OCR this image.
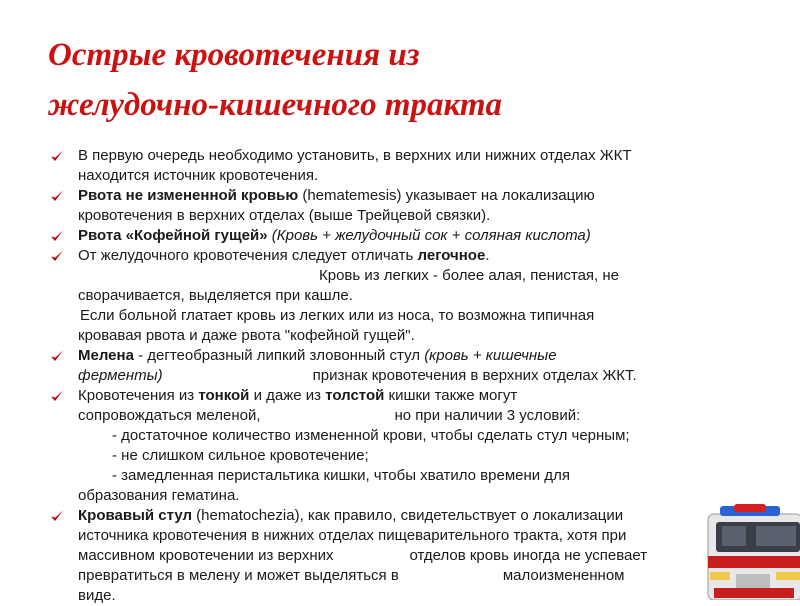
Острые кровотечения из
желудочно-кишечного тракта
В первую очередь необходимо установить, в верхних или нижних отделах ЖКТ
находится источник кровотечения.
Рвота не измененной кровью (hematemesis) указывает на локализацию
кровотечения в верхних отделах (выше Трейцевой связки).
Рвота «Кофейной гущей» (Кровь + желудочный сок + соляная кислота)
От желудочного кровотечения следует отличать легочное.
Кровь из легких - более алая, пенистая, не
сворачивается, выделяется при кашле.
Если больной глатает кровь из легких или из носа, то возможна типичная
кровавая рвота и даже рвота "кофейной гущей".
Мелена - дегтеобразный липкий зловонный стул (кровь + кишечные
ферменты)	признак кровотечения в верхних отделах ЖКТ.
Кровотечения из тонкой и даже из толстой кишки также могут
сопровождаться меленой,	но при наличии 3 условий:
- достаточное количество измененной крови, чтобы сделать стул черным;
- не слишком сильное кровотечение;
- замедленная перистальтика кишки, чтобы хватило времени для
образования гематина.
Кровавый стул (hematochezia), как правило, свидетельствует о локализации
источника кровотечения в нижних отделах пищеварительного тракта, хотя при
массивном кровотечении из верхних	отделов кровь иногда не успевает
превратиться в мелену и может выделяться в	малоизмененном
виде.
